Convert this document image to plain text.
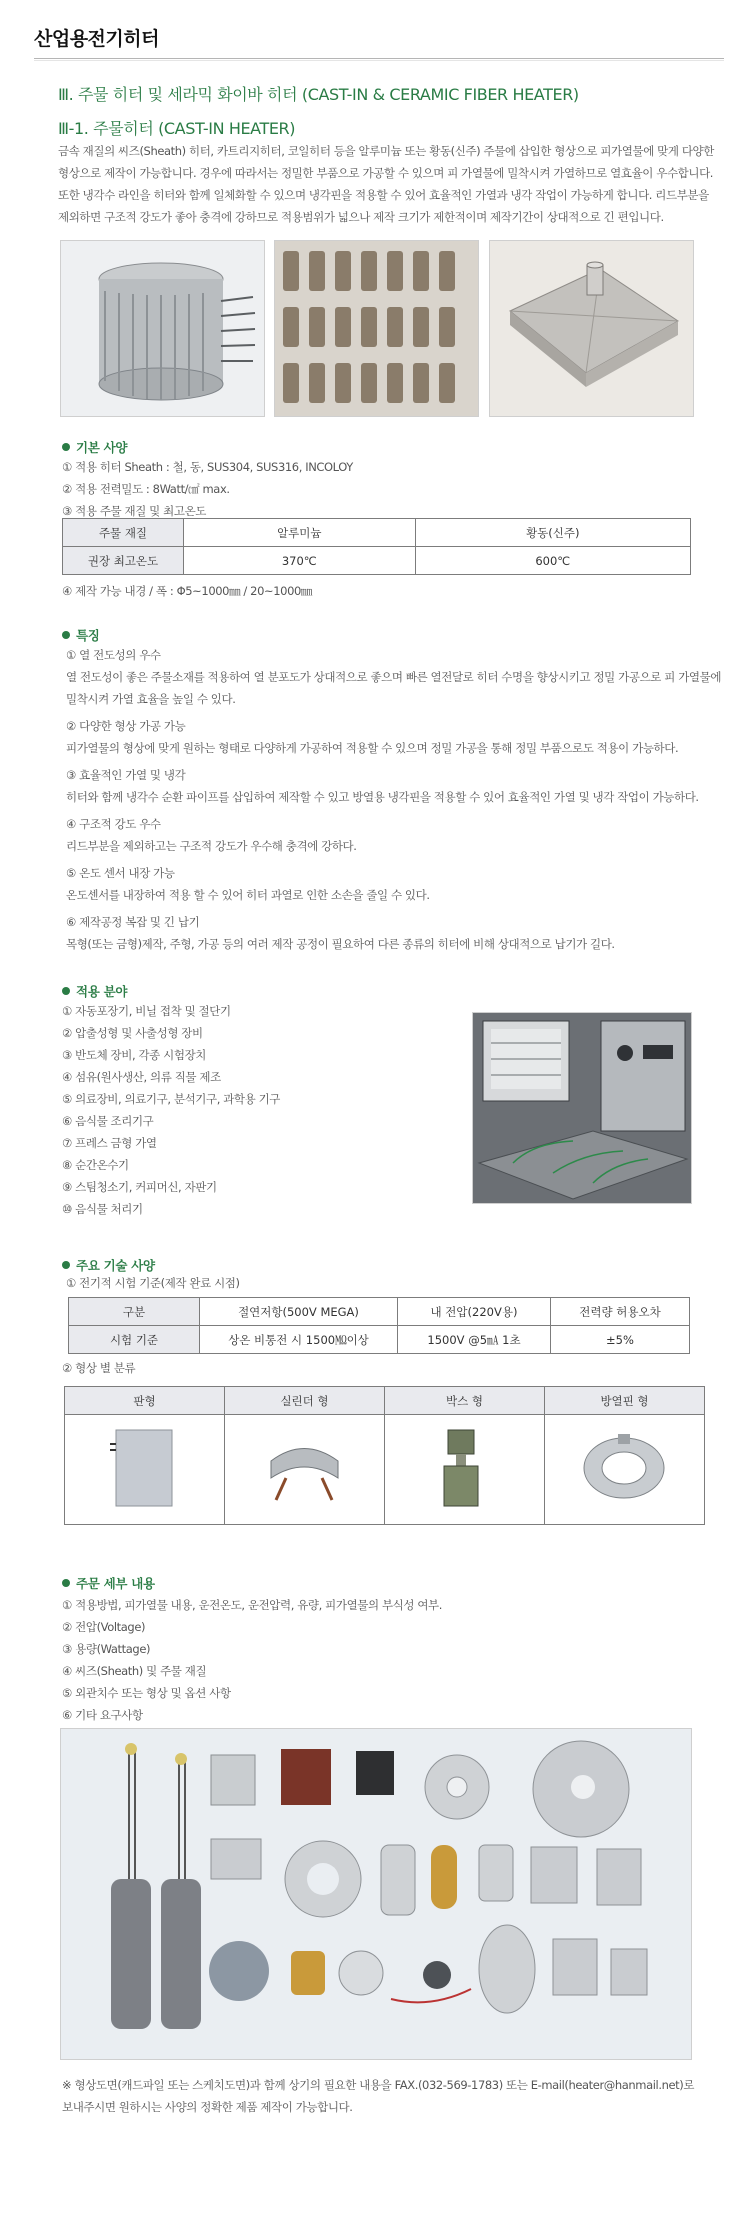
산업용전기히터
Ⅲ. 주물 히터 및 세라믹 화이바 히터 (CAST-IN & CERAMIC FIBER HEATER)
Ⅲ-1. 주물히터 (CAST-IN HEATER)
금속 재질의 씨즈(Sheath) 히터, 카트리지히터, 코일히터 등을 알루미늄 또는 황동(신주) 주물에 삽입한 형상으로 피가열물에 맞게 다양한
형상으로 제작이 가능합니다. 경우에 따라서는 정밀한 부품으로 가공할 수 있으며 피 가열물에 밀착시켜 가열하므로 열효율이 우수합니다.
또한 냉각수 라인을 히터와 함께 일체화할 수 있으며 냉각핀을 적용할 수 있어 효율적인 가열과 냉각 작업이 가능하게 합니다. 리드부분을
제외하면 구조적 강도가 좋아 충격에 강하므로 적용범위가 넓으나 제작 크기가 제한적이며 제작기간이 상대적으로 긴 편입니다.
기본 사양
① 적용 히터 Sheath : 철, 동, SUS304, SUS316, INCOLOY
② 적용 전력밀도 : 8Watt/㎠ max.
③ 적용 주물 재질 및 최고온도
주물 재질	알루미늄	황동(신주)
권장 최고온도	370℃	600℃
④ 제작 가능 내경 / 폭 : Φ5~1000㎜ / 20~1000㎜
특징
① 열 전도성의 우수
열 전도성이 좋은 주물소재를 적용하여 열 분포도가 상대적으로 좋으며 빠른 열전달로 히터 수명을 향상시키고 정밀 가공으로 피 가열물에
밀착시켜 가열 효율을 높일 수 있다.
② 다양한 형상 가공 가능
피가열물의 형상에 맞게 원하는 형태로 다양하게 가공하여 적용할 수 있으며 정밀 가공을 통해 정밀 부품으로도 적용이 가능하다.
③ 효율적인 가열 및 냉각
히터와 함께 냉각수 순환 파이프를 삽입하여 제작할 수 있고 방열용 냉각핀을 적용할 수 있어 효율적인 가열 및 냉각 작업이 가능하다.
④ 구조적 강도 우수
리드부분을 제외하고는 구조적 강도가 우수해 충격에 강하다.
⑤ 온도 센서 내장 가능
온도센서를 내장하여 적용 할 수 있어 히터 과열로 인한 소손을 줄일 수 있다.
⑥ 제작공정 복잡 및 긴 납기
목형(또는 금형)제작, 주형, 가공 등의 여러 제작 공정이 필요하여 다른 종류의 히터에 비해 상대적으로 납기가 길다.
적용 분야
① 자동포장기, 비닐 접착 및 절단기
② 압출성형 및 사출성형 장비
③ 반도체 장비, 각종 시험장치
④ 섬유(원사생산, 의류 직물 제조
⑤ 의료장비, 의료기구, 분석기구, 과학용 기구
⑥ 음식물 조리기구
⑦ 프레스 금형 가열
⑧ 순간온수기
⑨ 스팀청소기, 커피머신, 자판기
⑩ 음식물 처리기
주요 기술 사양
① 전기적 시험 기준(제작 완료 시점)
구분	절연저항(500V MEGA)	내 전압(220V용)	전력량 허용오차
시험 기준	상온 비통전 시 1500㏁이상	1500V @5㎃ 1초	±5%
② 형상 별 분류
판형	실린더 형	박스 형	방열핀 형

주문 세부 내용
① 적용방법, 피가열물 내용, 운전온도, 운전압력, 유량, 피가열물의 부식성 여부.
② 전압(Voltage)
③ 용량(Wattage)
④ 씨즈(Sheath) 및 주물 재질
⑤ 외관치수 또는 형상 및 옵션 사항
⑥ 기타 요구사항
※ 형상도면(캐드파일 또는 스케치도면)과 함께 상기의 필요한 내용을 FAX.(032-569-1783) 또는 E-mail(heater@hanmail.net)로
보내주시면 원하시는 사양의 정확한 제품 제작이 가능합니다.
